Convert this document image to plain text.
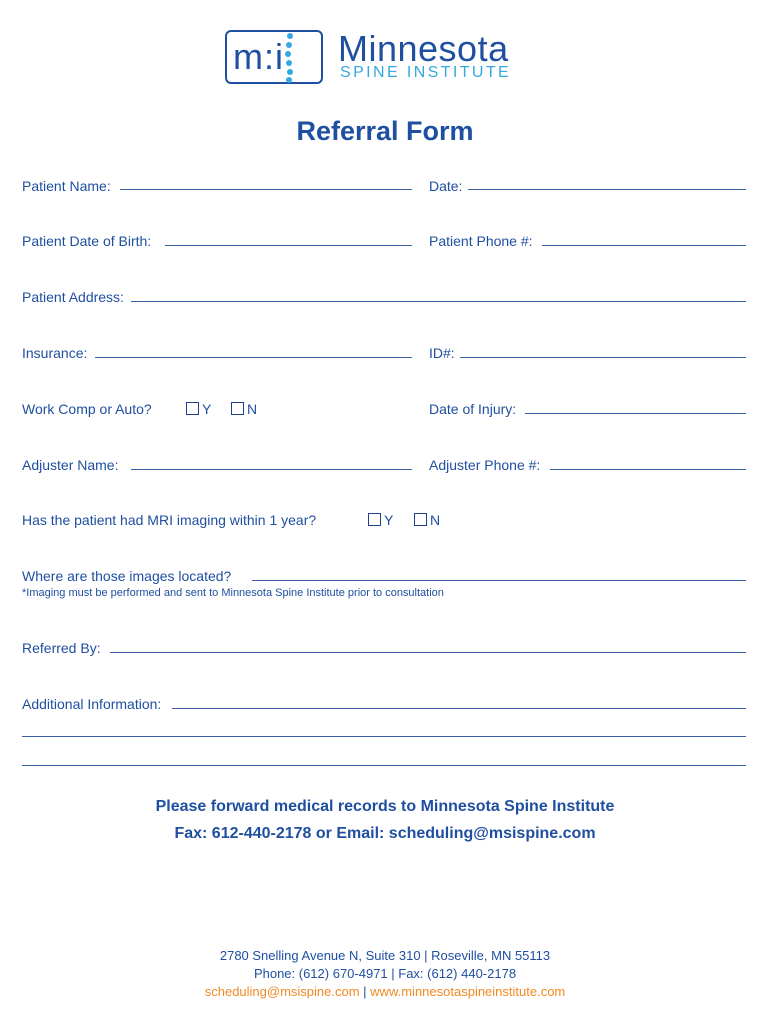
m:i Minnesota
SPINE INSTITUTE
Referral Form
Patient Name:	Date:
Patient Date of Birth:	Patient Phone #:
Patient Address:
Insurance:	ID#:
Work Comp or Auto?	Y	N	Date of Injury:
Adjuster Name:	Adjuster Phone #:
Has the patient had MRI imaging within 1 year?	Y	N
Where are those images located?
*Imaging must be performed and sent to Minnesota Spine Institute prior to consultation
Referred By:
Additional Information:
Please forward medical records to Minnesota Spine Institute
Fax: 612-440-2178 or Email: scheduling@msispine.com
2780 Snelling Avenue N, Suite 310 | Roseville, MN 55113
Phone: (612) 670-4971 | Fax: (612) 440-2178
scheduling@msispine.com | www.minnesotaspineinstitute.com
